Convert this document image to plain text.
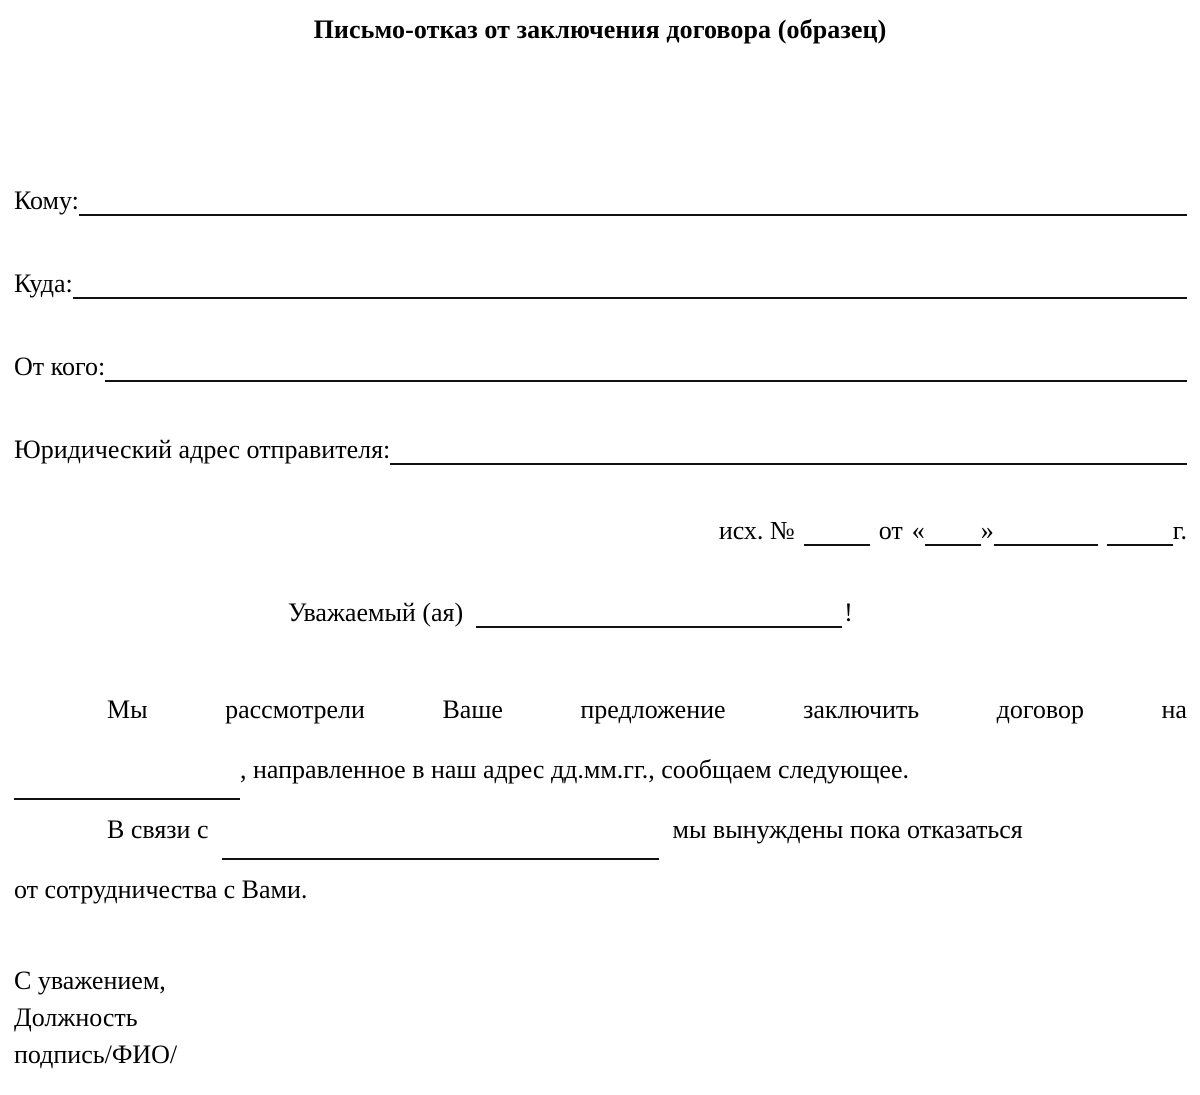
Письмо-отказ от заключения договора (образец)
Кому:
Куда:
От кого:
Юридический адрес отправителя:
исх. №	от « »	г.
Уважаемый (ая)	!
Мы	рассмотрели	Ваше	предложение	заключить	договор	на
, направленное в наш адрес дд.мм.гг., сообщаем следующее.
В связи с	мы вынуждены пока отказаться
от сотрудничества с Вами.
С уважением,
Должность
подпись/ФИО/
